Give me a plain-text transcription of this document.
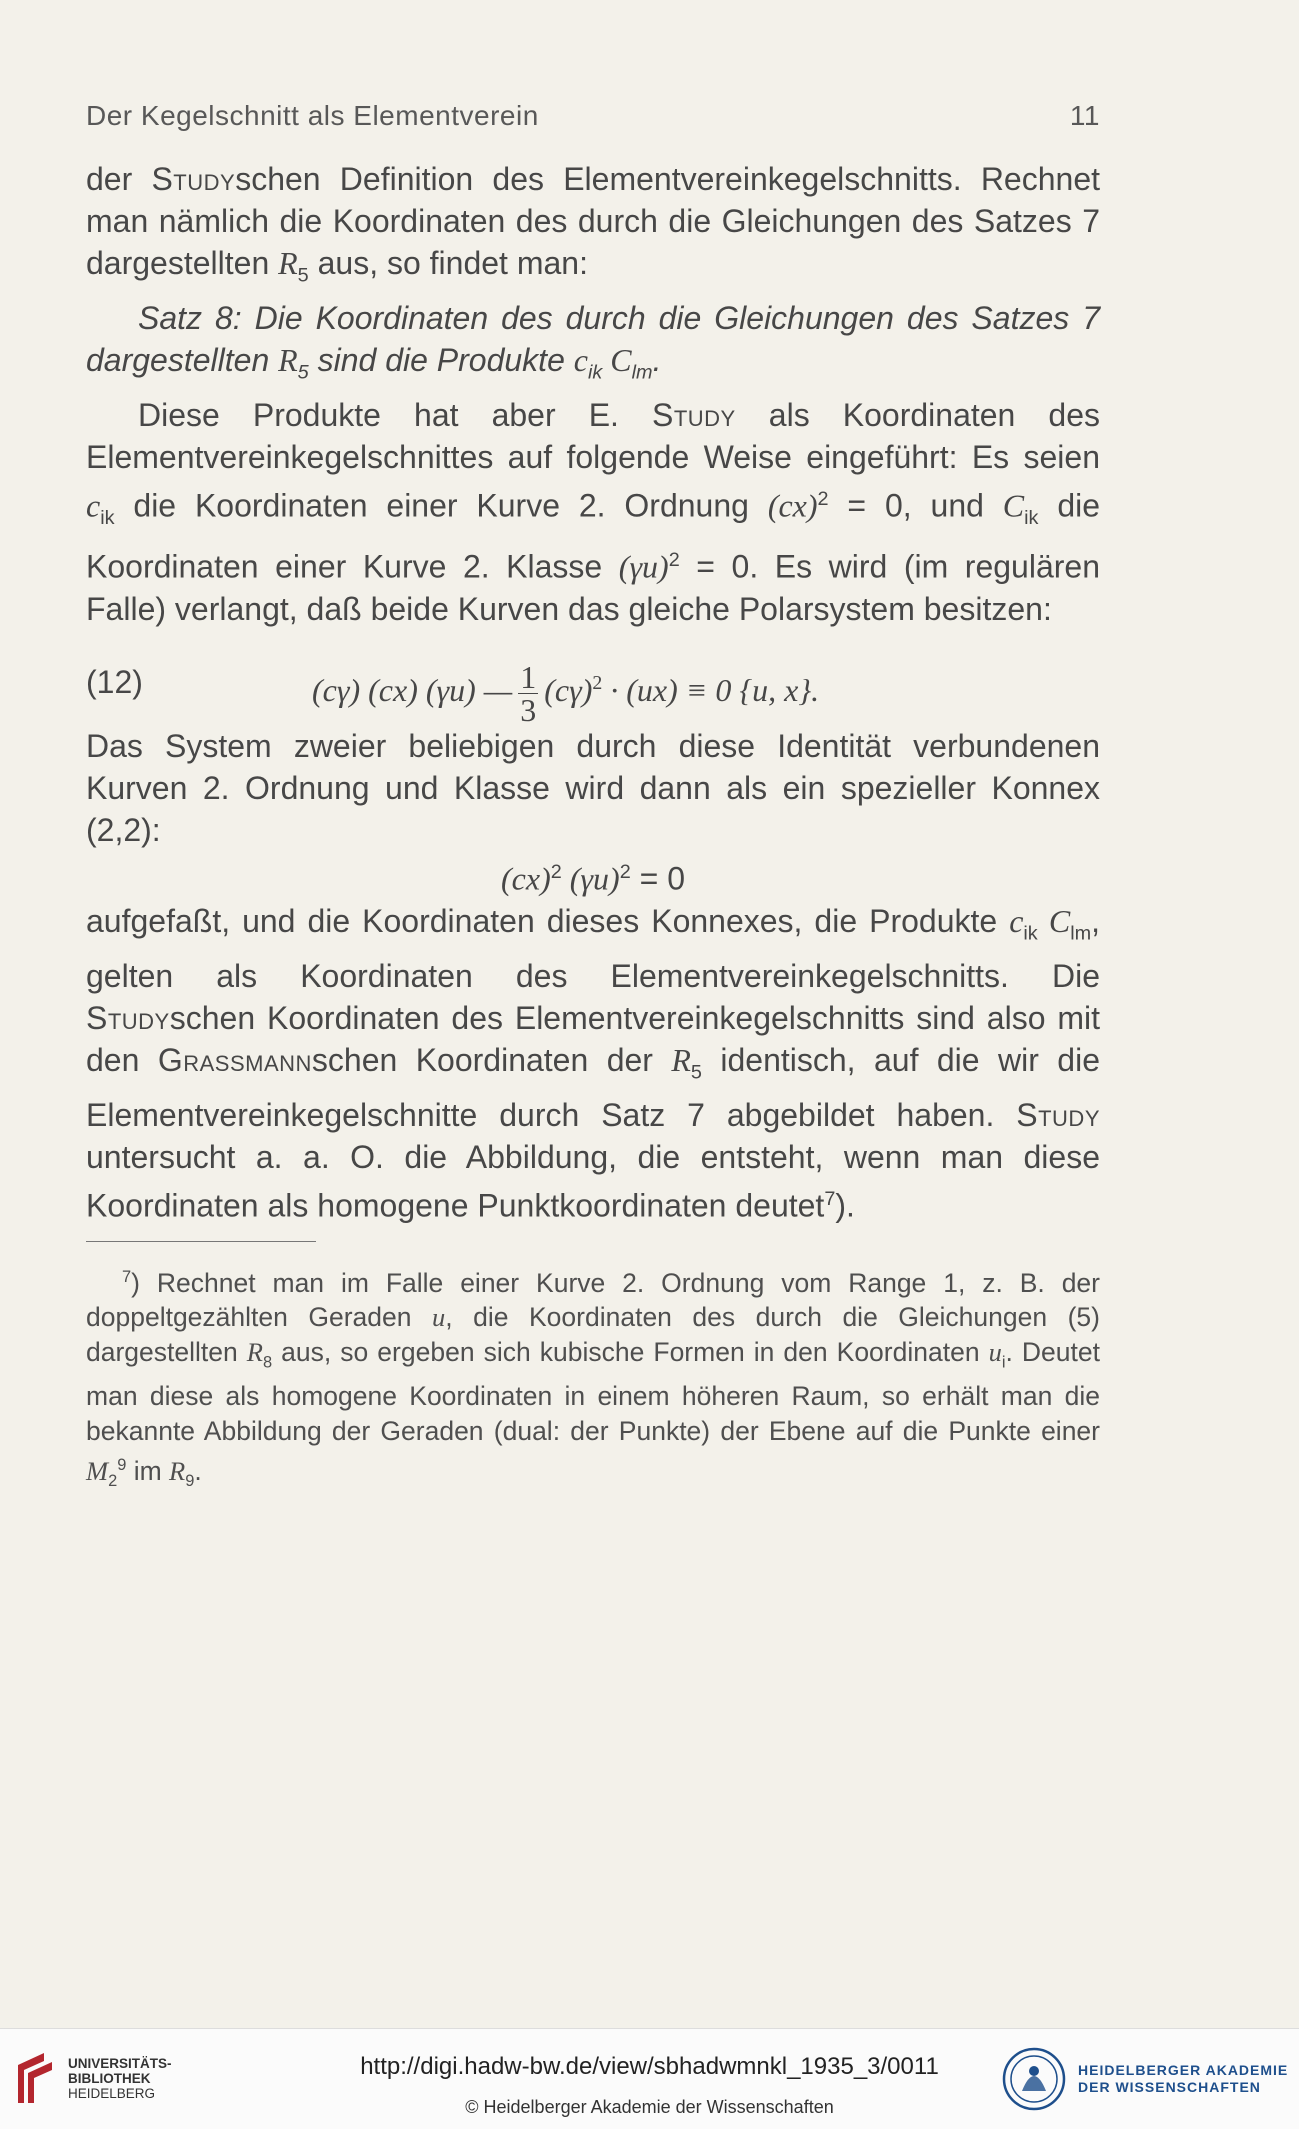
Der Kegelschnitt als Elementverein	11

der Studyschen Definition des Elementvereinkegelschnitts. Rechnet man nämlich die Koordinaten des durch die Gleichungen des Satzes 7 dargestellten $R_5$ aus, so findet man:

Satz 8: Die Koordinaten des durch die Gleichungen des Satzes 7 dargestellten $R_5$ sind die Produkte $c_{ik}$ $C_{lm}$.

Diese Produkte hat aber E. Study als Koordinaten des Elementvereinkegelschnittes auf folgende Weise eingeführt: Es seien $c_{ik}$ die Koordinaten einer Kurve 2. Ordnung (cx)$^2$ = 0, und $C_{ik}$ die Koordinaten einer Kurve 2. Klasse $(\gamma u)^2 = 0$. Es wird (im regulären Falle) verlangt, daß beide Kurven das gleiche Polarsystem besitzen:

(12)	(cγ) (cx) (γu) — $\frac{1}{3} (c\gamma)^2 \cdot (ux) \equiv 0$ {u, x}.

Das System zweier beliebigen durch diese Identität verbundenen Kurven 2. Ordnung und Klasse wird dann als ein spezieller Konnex (2,2):

(cx)$^2$ $(\gamma u)^2 = 0$

aufgefaßt, und die Koordinaten dieses Konnexes, die Produkte $c_{ik}$ $C_{lm}$, gelten als Koordinaten des Elementvereinkegelschnitts. Die Studyschen Koordinaten des Elementvereinkegelschnitts sind also mit den Grassmannschen Koordinaten der $R_5$ identisch, auf die wir die Elementvereinkegelschnitte durch Satz 7 abgebildet haben. Study untersucht a. a. O. die Abbildung, die entsteht, wenn man diese Koordinaten als homogene Punktkoordinaten deutet$^7$).

$^7$) Rechnet man im Falle einer Kurve 2. Ordnung vom Range 1, z. B. der doppeltgezählten Geraden u, die Koordinaten des durch die Gleichungen (5) dargestellten $R_8$ aus, so ergeben sich kubische Formen in den Koordinaten $u_i$. Deutet man diese als homogene Koordinaten in einem höheren Raum, so erhält man die bekannte Abbildung der Geraden (dual: der Punkte) der Ebene auf die Punkte einer $M_2^9$ im $R_9$.

UNIVERSITÄTS-
BIBLIOTHEK
HEIDELBERG
http://digi.hadw-bw.de/view/sbhadwmnkl_1935_3/0011
© Heidelberger Akademie der Wissenschaften
HEIDELBERGER AKADEMIE
DER WISSENSCHAFTEN
